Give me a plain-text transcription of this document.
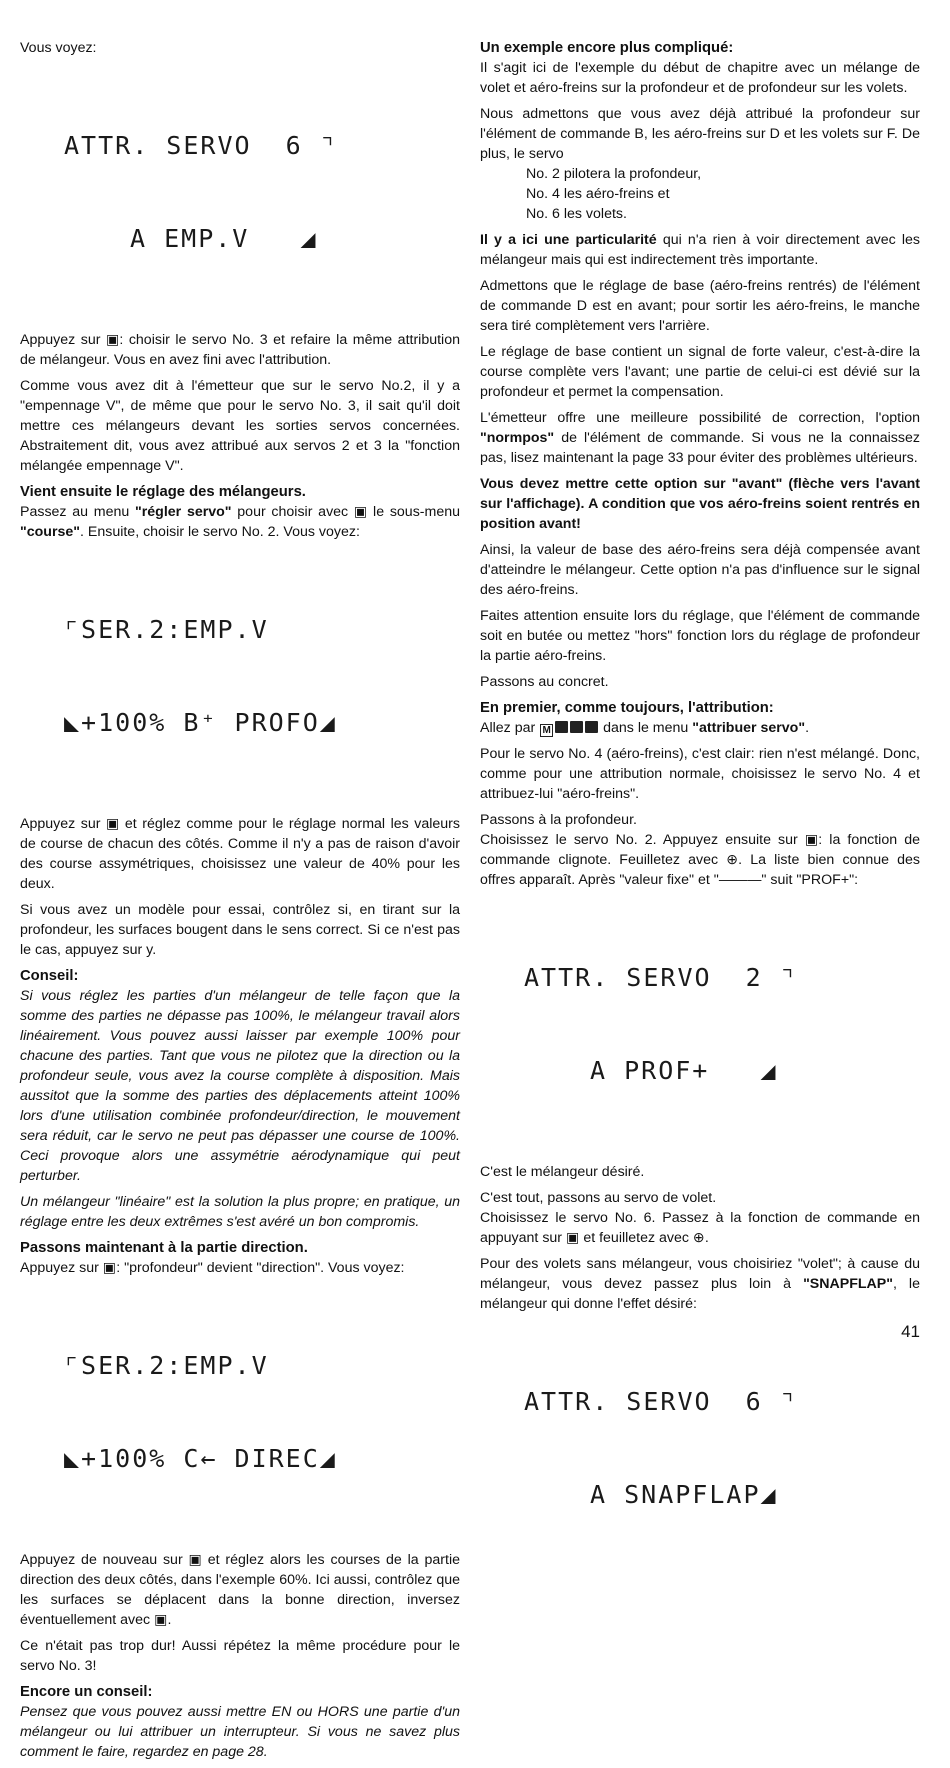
Vous voyez:

ATTR. SERVO  6 ⌝

A EMP.V   ◢

Appuyez sur ▣: choisir le servo No. 3 et refaire la même attribution de mélangeur. Vous en avez fini avec l'attribution.

Comme vous avez dit à l'émetteur que sur le servo No.2, il y a "empennage V", de même que pour le servo No. 3, il sait qu'il doit mettre ces mélangeurs devant les sorties servos concernées. Abstraitement dit, vous avez attribué aux servos 2 et 3 la "fonction mélangée empennage V".

Vient ensuite le réglage des mélangeurs.

Passez au menu "régler servo" pour choisir avec ▣ le sous-menu "course". Ensuite, choisir le servo No. 2. Vous voyez:

⌜SER.2:EMP.V

◣+100% B⁺ PROFO◢

Appuyez sur ▣ et réglez comme pour le réglage normal les valeurs de course de chacun des côtés. Comme il n'y a pas de raison d'avoir des course assymétriques, choisissez une valeur de 40% pour les deux.

Si vous avez un modèle pour essai, contrôlez si, en tirant sur la profondeur, les surfaces bougent dans le sens correct. Si ce n'est pas le cas, appuyez sur y.

Conseil:

Si vous réglez les parties d'un mélangeur de telle façon que la somme des parties ne dépasse pas 100%, le mélangeur travail alors linéairement. Vous pouvez aussi laisser par exemple 100% pour chacune des parties. Tant que vous ne pilotez que la direction ou la profondeur seule, vous avez la course complète à disposition. Mais aussitot que la somme des parties des déplacements atteint 100% lors d'une utilisation combinée profondeur/direction, le mouvement sera réduit, car le servo ne peut pas dépasser une course de 100%. Ceci provoque alors une assymétrie aérodynamique qui peut perturber.

Un mélangeur "linéaire" est la solution la plus propre; en pratique, un réglage entre les deux extrêmes s'est avéré un bon compromis.

Passons maintenant à la partie direction.

Appuyez sur ▣: "profondeur" devient "direction". Vous voyez:

⌜SER.2:EMP.V

◣+100% C← DIREC◢

Appuyez de nouveau sur ▣ et réglez alors les courses de la partie direction des deux côtés, dans l'exemple 60%. Ici aussi, contrôlez que les surfaces se déplacent dans la bonne direction, inversez éventuellement avec ▣.

Ce n'était pas trop dur! Aussi répétez la même procédure pour le servo No. 3!

Encore un conseil:

Pensez que vous pouvez aussi mettre EN ou HORS une partie d'un mélangeur ou lui attribuer un interrupteur. Si vous ne savez plus comment le faire, regardez en page 28.

Un exemple encore plus compliqué:

Il s'agit ici de l'exemple du début de chapitre avec un mélange de volet et aéro-freins sur la profondeur et de profondeur sur les volets.

Nous admettons que vous avez déjà attribué la profondeur sur l'élément de commande B, les aéro-freins sur D et les volets sur F. De plus, le servo

No. 2 pilotera la profondeur,

No. 4 les aéro-freins et

No. 6 les volets.

Il y a ici une particularité qui n'a rien à voir directement avec les mélangeur mais qui est indirectement très importante.

Admettons que le réglage de base (aéro-freins rentrés) de l'élément de commande D est en avant; pour sortir les aéro-freins, le manche sera tiré complètement vers l'arrière.

Le réglage de base contient un signal de forte valeur, c'est-à-dire la course complète vers l'avant; une partie de celui-ci est dévié sur la profondeur et permet la compensation.

L'émetteur offre une meilleure possibilité de correction, l'option "normpos" de l'élément de commande. Si vous ne la connaissez pas, lisez maintenant la page 33 pour éviter des problèmes ultérieurs.

Vous devez mettre cette option sur "avant" (flèche vers l'avant sur l'affichage). A condition que vos aéro-freins soient rentrés en position avant!

Ainsi, la valeur de base des aéro-freins sera déjà compensée avant d'atteindre le mélangeur. Cette option n'a pas d'influence sur le signal des aéro-freins.

Faites attention ensuite lors du réglage, que l'élément de commande soit en butée ou mettez "hors" fonction lors du réglage de profondeur la partie aéro-freins.

Passons au concret.

En premier, comme toujours, l'attribution:

Allez par M	dans le menu "attribuer servo".

Pour le servo No. 4 (aéro-freins), c'est clair: rien n'est mélangé. Donc, comme pour une attribution normale, choisissez le servo No. 4 et attribuez-lui "aéro-freins".

Passons à la profondeur.

Choisissez le servo No. 2. Appuyez ensuite sur ▣: la fonction de commande clignote. Feuilletez avec ⊕. La liste bien connue des offres apparaît. Après "valeur fixe" et "———" suit "PROF+":

ATTR. SERVO  2 ⌝

A PROF+   ◢

C'est le mélangeur désiré.

C'est tout, passons au servo de volet.

Choisissez le servo No. 6. Passez à la fonction de commande en appuyant sur ▣ et feuilletez avec ⊕.

Pour des volets sans mélangeur, vous choisiriez "volet"; à cause du mélangeur, vous devez passez plus loin à "SNAPFLAP", le mélangeur qui donne l'effet désiré:

ATTR. SERVO  6 ⌝

A SNAPFLAP◢

41
